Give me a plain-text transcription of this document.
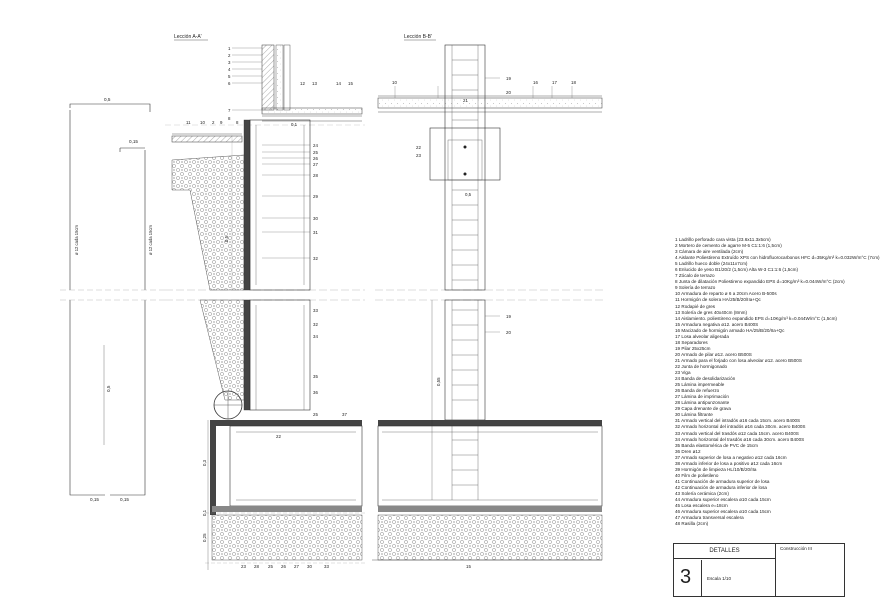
Lección A-A'	Lección B-B'
0,5
0,15
ø 12 cada 15cm	ø 12 cada 15cm
0,5
0,15	0,15
1
2
3
4
5
6
7
8
11 10 2 9	8
12 13	14 15
24
25
26
27
28
29
30
31
32
33
32
34
35
36
25	37
22
23 28 25 26 27 30	33
0,1
0,5
0,3
0,1
0,25
10
19
16	17	18
20
21
22
23
19
20
15
0,55
0,5
1 Ladrillo perforado cara vista (23.6x11.3x5cm)
2 Mortero de cemento de agarre M-5 C1:1:6 (1,5cm)
3 Cámara de aire ventilada (2cm)
4 Aislante Poliestireno Extruído XPS con hidrofluorocarbonos HFC d=35Kg/m³ k=0.032W/m°C (7cm)
5 Ladrillo hueco doble (24x11x7cm)
6 Enlucido de yeso B1/20/2 (1,5cm) Alta W-3 C1:1:6 (1,5cm)
7 Zócalo de terrazo
8 Junta de dilatación Poliestireno expandido EPS d=10Kg/m³ k=0.044W/m°C (2cm)
9 Solería de terrazo
10 Armadura de reparto ø 6 a 20cm Acero B-500s
11 Hormigón de solera HA/25/B/20/IIa+Qc
12 Rodapié de gres
13 Solería de gres 40x40cm (8mm)
14 Aislamiento. poliestireno expandido EPS d=10Kg/m³ k=0.044W/m°C (1,5cm)
15 Armadura negativa ø12. acero B400S
16 Macizado de hormigón armado HA/25/B/20/IIa+Qc
17 Losa alveolar aligerada
18 Separadores
19 Pilar 25x25cm
20 Armado de pilar ø12. acero B500S
21 Armado para el forjado con losa alveolar ø12. acero B500S
22 Junta de hormigonado
23 Viga
24 Banda de desolidarización
25 Lámina impermeable
26 Banda de refuerzo
27 Lámina de imprimación
28 Lámina antipunzonante
29 Capa drenante de grava
30 Lámina filtrante
31 Armado vertical del intradós ø16 cada 15cm. acero B400S
32 Armado horizontal del intradós ø16 cada 30cm. acero B400S
33 Armado vertical del trasdós ø12 cada 15cm. acero B400S
34 Armado horizontal del trasdós ø16 cada 30cm. acero B400S
35 Banda elastomérica de PVC de 15cm
36 Dren ø12
37 Armado superior de losa a negativo ø12 cada 16cm
38 Armado inferior de losa a positivo ø12 cada 16cm
39 Hormigón de limpieza HL/10/B/20/IIa
40 Film de polietileno
41 Continuación de armadura superior de losa
42 Continuación de armadura inferior de losa
43 Solería cerámica (2cm)
44 Armadura superior escalera ø10 cada 15cm
45 Losa escalera e=18cm
46 Armadura superior escalera ø10 cada 15cm
47 Armadura transversal escalera
48 Rasilla (2cm)
DETALLES	Construcción III
3	Escala 1/10
